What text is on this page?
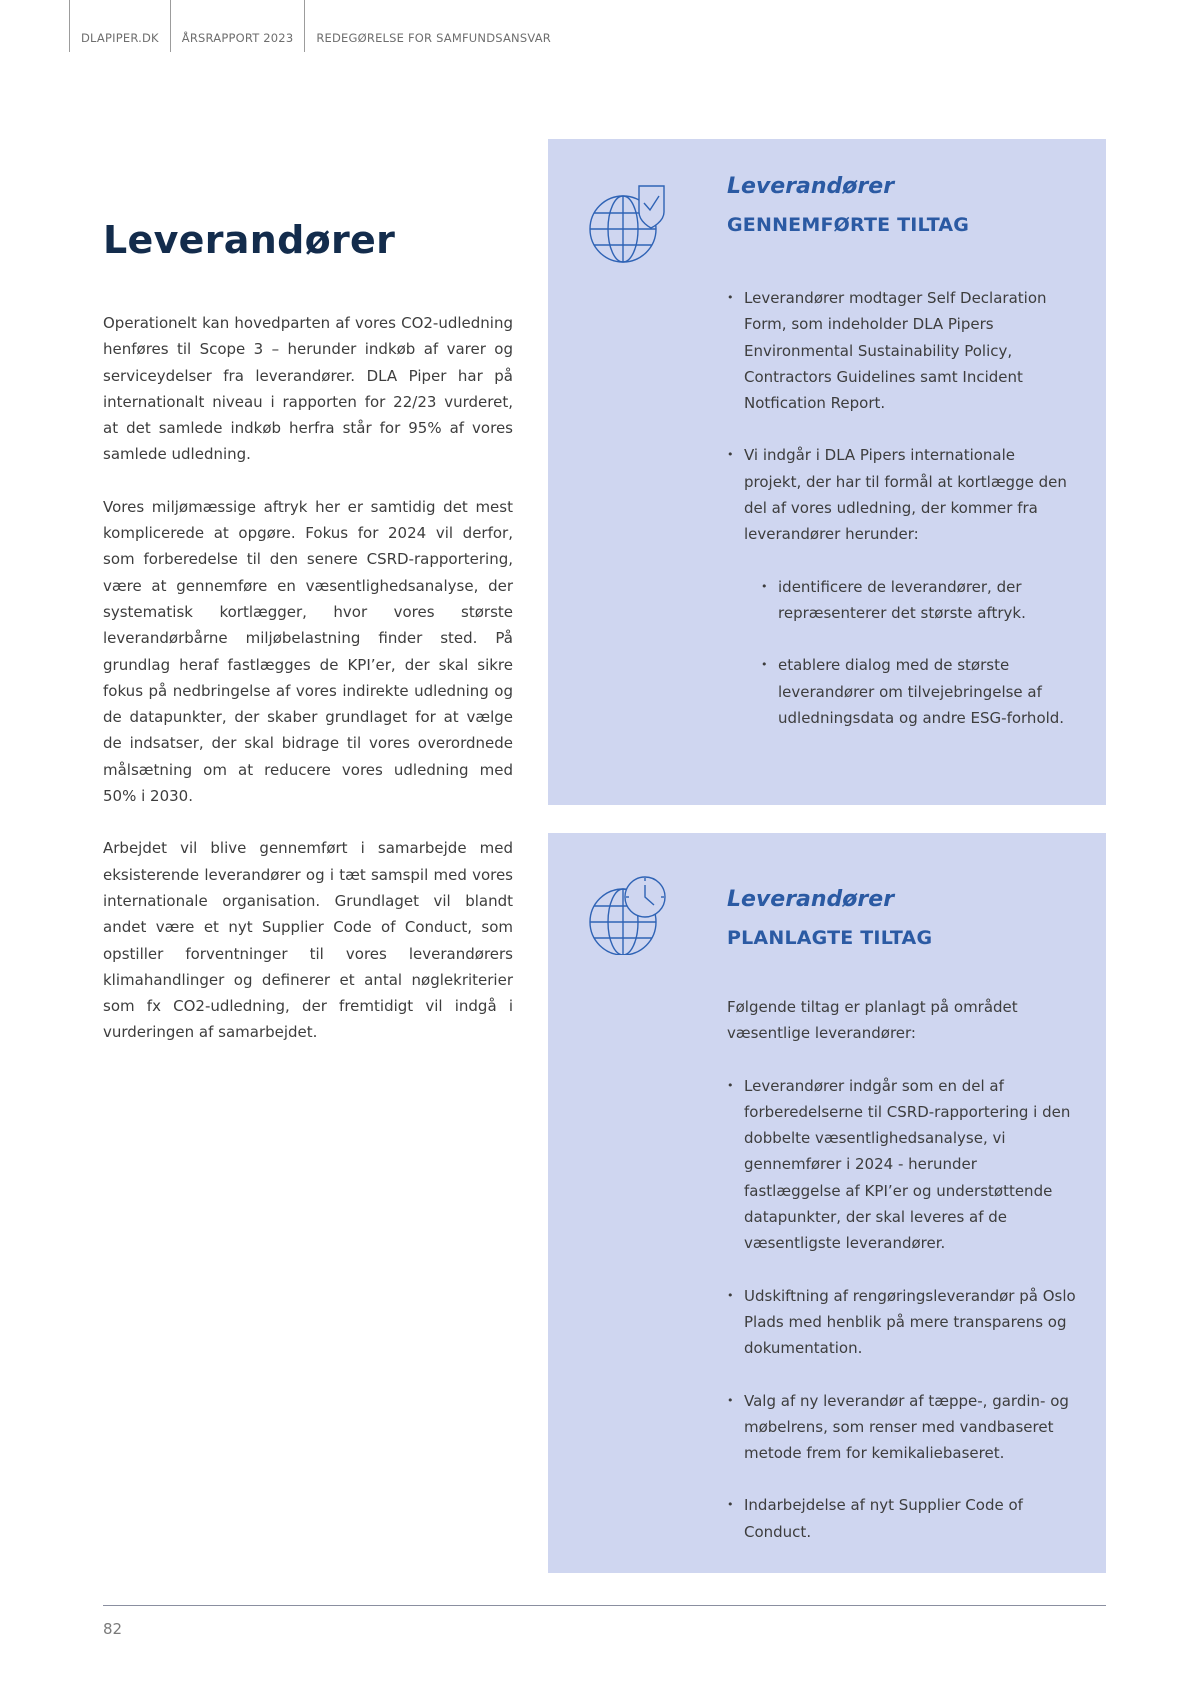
DLAPIPER.DK	ÅRSRAPPORT 2023	REDEGØRELSE FOR SAMFUNDSANSVAR
Leverandører

Operationelt kan hovedparten af vores CO2-udledning henføres til Scope 3 – herunder indkøb af varer og serviceydelser fra leverandører. DLA Piper har på internationalt niveau i rapporten for 22/23 vurderet, at det samlede indkøb herfra står for 95% af vores samlede udledning.

Vores miljømæssige aftryk her er samtidig det mest komplicerede at opgøre. Fokus for 2024 vil derfor, som forberedelse til den senere CSRD-rapportering, være at gennemføre en væsentlighedsanalyse, der systematisk kortlægger, hvor vores største leverandørbårne miljøbelastning finder sted. På grundlag heraf fastlægges de KPI’er, der skal sikre fokus på nedbringelse af vores indirekte udledning og de datapunkter, der skaber grundlaget for at vælge de indsatser, der skal bidrage til vores overordnede målsætning om at reducere vores udledning med 50% i 2030.

Arbejdet vil blive gennemført i samarbejde med eksisterende leverandører og i tæt samspil med vores internationale organisation. Grundlaget vil blandt andet være et nyt Supplier Code of Conduct, som opstiller forventninger til vores leverandørers klimahandlinger og definerer et antal nøglekriterier som fx CO2-udledning, der fremtidigt vil indgå i vurderingen af samarbejdet.

Leverandører
GENNEMFØRTE TILTAG
• Leverandører modtager Self Declaration Form, som indeholder DLA Pipers Environmental Sustainability Policy, Contractors Guidelines samt Incident Notfication Report.
• Vi indgår i DLA Pipers internationale projekt, der har til formål at kortlægge den del af vores udledning, der kommer fra leverandører herunder:
• identificere de leverandører, der repræsenterer det største aftryk.
• etablere dialog med de største leverandører om tilvejebringelse af udledningsdata og andre ESG-forhold.
Leverandører
PLANLAGTE TILTAG

Følgende tiltag er planlagt på området væsentlige leverandører:

• Leverandører indgår som en del af forberedelserne til CSRD-rapportering i den dobbelte væsentlighedsanalyse, vi gennemfører i 2024 - herunder fastlæggelse af KPI’er og understøttende datapunkter, der skal leveres af de væsentligste leverandører.
• Udskiftning af rengøringsleverandør på Oslo Plads med henblik på mere transparens og dokumentation.
• Valg af ny leverandør af tæppe-, gardin- og møbelrens, som renser med vandbaseret metode frem for kemikaliebaseret.
• Indarbejdelse af nyt Supplier Code of Conduct.
82
